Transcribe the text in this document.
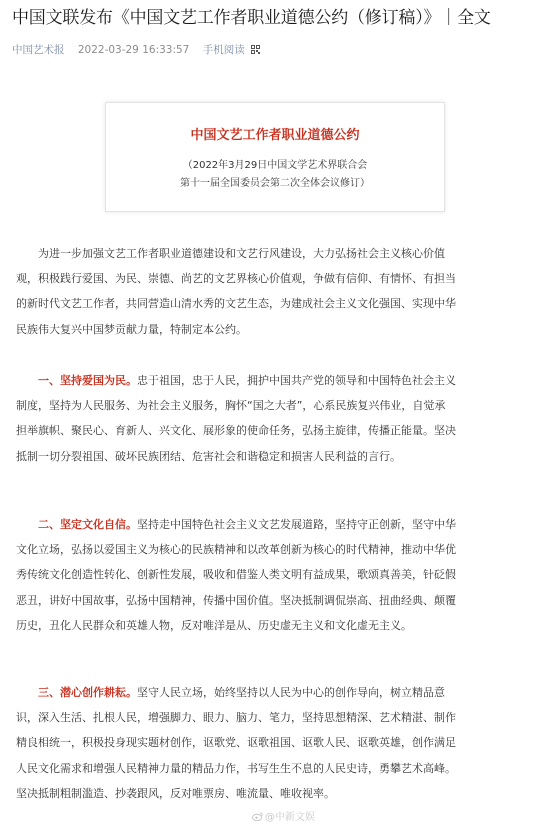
中国文联发布《中国文艺工作者职业道德公约（修订稿）》｜全文
中国艺术报 2022-03-29 16:33:57 手机阅读
中国文艺工作者职业道德公约
（2022年3月29日中国文学艺术界联合会
第十一届全国委员会第二次全体会议修订）

　　为进一步加强文艺工作者职业道德建设和文艺行风建设，大力弘扬社会主义核心价值
观，积极践行爱国、为民、崇德、尚艺的文艺界核心价值观，争做有信仰、有情怀、有担当
的新时代文艺工作者，共同营造山清水秀的文艺生态，为建成社会主义文化强国、实现中华
民族伟大复兴中国梦贡献力量，特制定本公约。

　　一、坚持爱国为民。忠于祖国，忠于人民，拥护中国共产党的领导和中国特色社会主义
制度，坚持为人民服务、为社会主义服务，胸怀“国之大者”，心系民族复兴伟业，自觉承
担举旗帜、聚民心、育新人、兴文化、展形象的使命任务，弘扬主旋律，传播正能量。坚决
抵制一切分裂祖国、破坏民族团结、危害社会和谐稳定和损害人民利益的言行。

　　二、坚定文化自信。坚持走中国特色社会主义文艺发展道路，坚持守正创新，坚守中华
文化立场，弘扬以爱国主义为核心的民族精神和以改革创新为核心的时代精神，推动中华优
秀传统文化创造性转化、创新性发展，吸收和借鉴人类文明有益成果，歌颂真善美，针砭假
恶丑，讲好中国故事，弘扬中国精神，传播中国价值。坚决抵制调侃崇高、扭曲经典、颠覆
历史，丑化人民群众和英雄人物，反对唯洋是从、历史虚无主义和文化虚无主义。

　　三、潜心创作耕耘。坚守人民立场，始终坚持以人民为中心的创作导向，树立精品意
识，深入生活、扎根人民，增强脚力、眼力、脑力、笔力，坚持思想精深、艺术精湛、制作
精良相统一，积极投身现实题材创作，讴歌党、讴歌祖国、讴歌人民、讴歌英雄，创作满足
人民文化需求和增强人民精神力量的精品力作，书写生生不息的人民史诗，勇攀艺术高峰。
坚决抵制粗制滥造、抄袭跟风，反对唯票房、唯流量、唯收视率。

@中新文娱
